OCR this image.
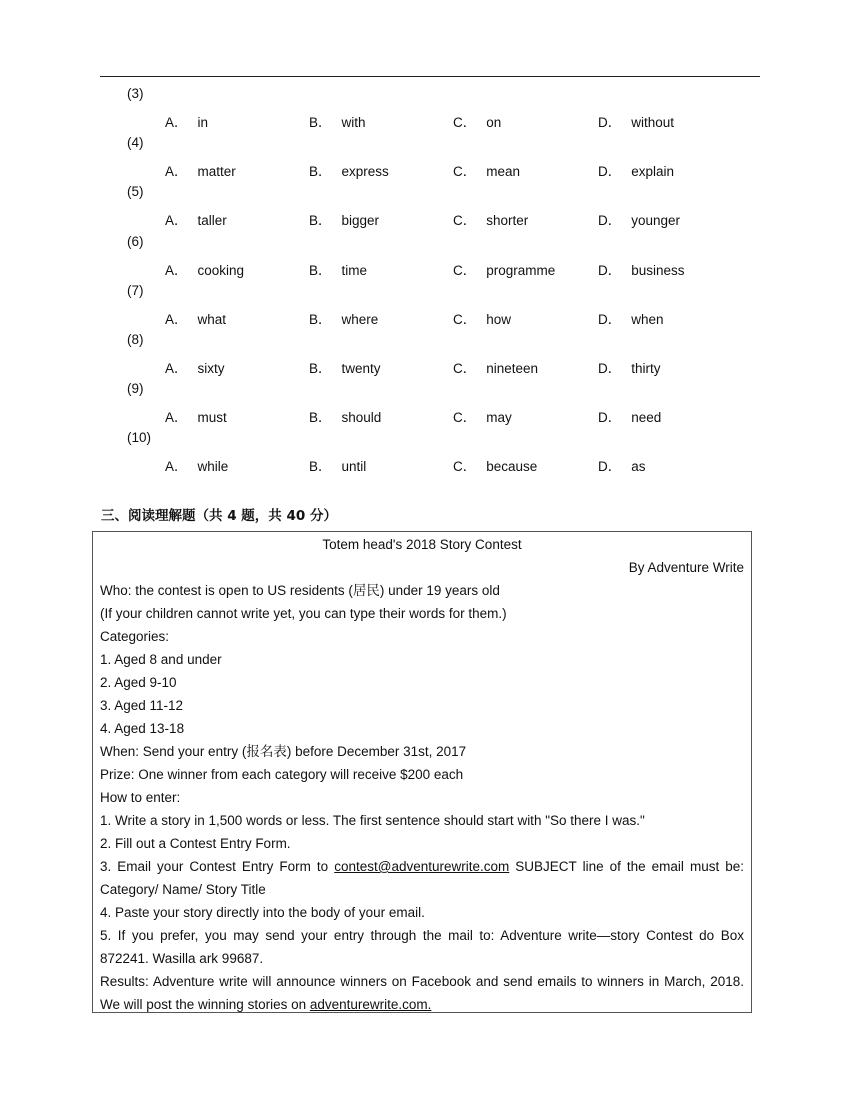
(3)
A． in	B． with	C． on	D． without
(4)
A． matter	B． express	C． mean	D． explain
(5)
A． taller	B． bigger	C． shorter	D． younger
(6)
A． cooking	B． time	C． programme	D． business
(7)
A． what	B． where	C． how	D． when
(8)
A． sixty	B． twenty	C． nineteen	D． thirty
(9)
A． must	B． should	C． may	D． need
(10)
A． while	B． until	C． because	D． as
三、阅读理解题（共 4 题，共 40 分）
Totem head's 2018 Story Contest
By Adventure Write
Who: the contest is open to US residents (居民) under 19 years old
(If your children cannot write yet, you can type their words for them.)
Categories:
1. Aged 8 and under
2. Aged 9-10
3. Aged 11-12
4. Aged 13-18
When: Send your entry (报名表) before December 31st, 2017
Prize: One winner from each category will receive $200 each
How to enter:
1. Write a story in 1,500 words or less. The first sentence should start with "So there I was."
2. Fill out a Contest Entry Form.
3. Email your Contest Entry Form to contest@adventurewrite.com SUBJECT line of the email must be:
Category/ Name/ Story Title
4. Paste your story directly into the body of your email.
5. If you prefer, you may send your entry through the mail to: Adventure write—story Contest do Box
872241. Wasilla ark 99687.
Results: Adventure write will announce winners on Facebook and send emails to winners in March, 2018.
We will post the winning stories on adventurewrite.com.
